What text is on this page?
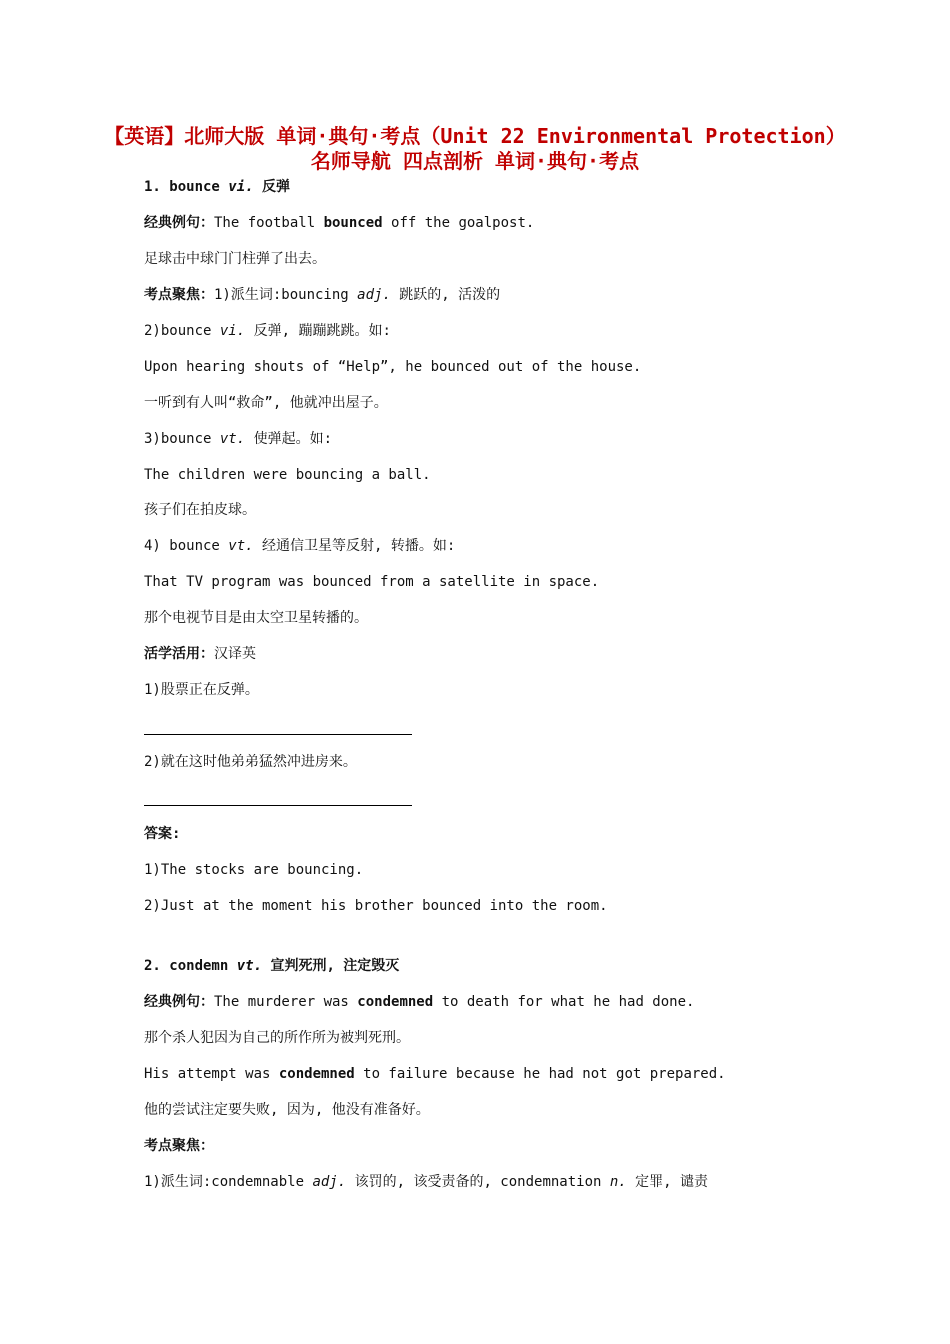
【英语】北师大版 单词·典句·考点（Unit 22 Environmental Protection）名师导航 四点剖析 单词·典句·考点
1. bounce vi. 反弹
经典例句：The football bounced off the goalpost.
足球击中球门门柱弹了出去。
考点聚焦：1)派生词:bouncing adj. 跳跃的, 活泼的
2)bounce vi. 反弹, 蹦蹦跳跳。如:
Upon hearing shouts of “Help”, he bounced out of the house.
一听到有人叫“救命”, 他就冲出屋子。
3)bounce vt. 使弹起。如:
The children were bouncing a ball.
孩子们在拍皮球。
4) bounce vt. 经通信卫星等反射, 转播。如:
That TV program was bounced from a satellite in space.
那个电视节目是由太空卫星转播的。
活学活用：汉译英
1)股票正在反弹。
2)就在这时他弟弟猛然冲进房来。
答案:
1)The stocks are bouncing.
2)Just at the moment his brother bounced into the room.
2. condemn vt. 宣判死刑, 注定毁灭
经典例句：The murderer was condemned to death for what he had done.
那个杀人犯因为自己的所作所为被判死刑。
His attempt was condemned to failure because he had not got prepared.
他的尝试注定要失败, 因为, 他没有准备好。
考点聚焦：
1)派生词:condemnable adj. 该罚的, 该受责备的, condemnation n. 定罪, 谴责
